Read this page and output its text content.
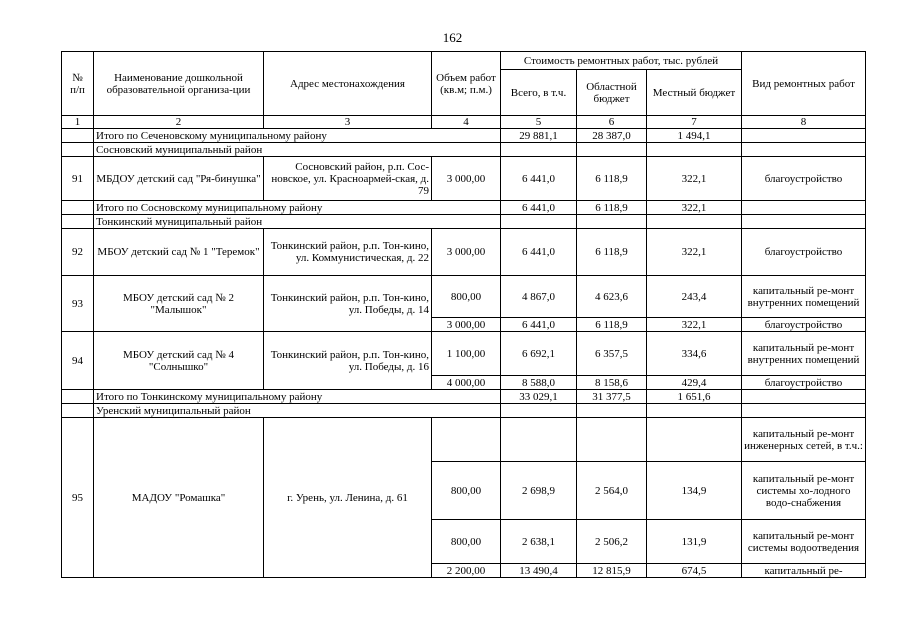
162
№
п/п	Наименование дошкольной образовательной организа-ции	Адрес местонахождения	Объем работ (кв.м; п.м.)	Стоимость ремонтных работ, тыс. рублей			Вид ремонтных работ
				Всего, в т.ч.	Областной бюджет	Местный бюджет	
1	2	3	4	5	6	7	8
	Итого по Сеченовскому муниципальному району			29 881,1	28 387,0	1 494,1	
	Сосновский муниципальный район						
91	МБДОУ детский сад "Ря-бинушка"	Сосновский район, р.п. Сос-новское, ул. Красноармей-ская, д. 79	3 000,00	6 441,0	6 118,9	322,1	благоустройство
	Итого по Сосновскому муниципальному району			6 441,0	6 118,9	322,1	
	Тонкинский муниципальный район						
92	МБОУ детский сад № 1 "Теремок"	Тонкинский район, р.п. Тон-кино, ул. Коммунистическая, д. 22	3 000,00	6 441,0	6 118,9	322,1	благоустройство
93	МБОУ детский сад № 2 "Малышок"	Тонкинский район, р.п. Тон-кино, ул. Победы, д. 14	800,00	4 867,0	4 623,6	243,4	капитальный ре-монт внутренних помещений
			3 000,00	6 441,0	6 118,9	322,1	благоустройство
94	МБОУ детский сад № 4 "Солнышко"	Тонкинский район, р.п. Тон-кино, ул. Победы, д. 16	1 100,00	6 692,1	6 357,5	334,6	капитальный ре-монт внутренних помещений
			4 000,00	8 588,0	8 158,6	429,4	благоустройство
	Итого по Тонкинскому муниципальному району			33 029,1	31 377,5	1 651,6	
	Уренский муниципальный район						
95	МАДОУ "Ромашка"	г. Урень, ул. Ленина, д. 61					капитальный ре-монт инженерных сетей, в т.ч.:
			800,00	2 698,9	2 564,0	134,9	капитальный ре-монт системы хо-лодного водо-снабжения
			800,00	2 638,1	2 506,2	131,9	капитальный ре-монт системы водоотведения
			2 200,00	13 490,4	12 815,9	674,5	капитальный ре-
